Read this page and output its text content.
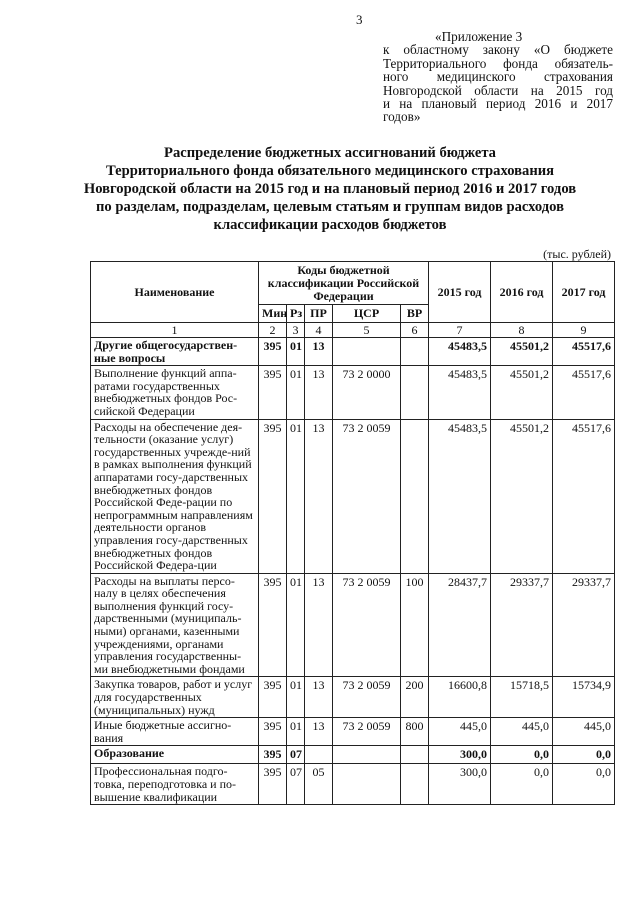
3
«Приложение 3
к областному закону «О бюджете
Территориального фонда обязатель-
ного медицинского страхования
Новгородской области на 2015 год
и на плановый период 2016 и 2017
годов»
Распределение бюджетных ассигнований бюджета
Территориального фонда обязательного медицинского страхования
Новгородской области на 2015 год и на плановый период 2016 и 2017 годов
по разделам, подразделам, целевым статьям и группам видов расходов
классификации расходов бюджетов
(тыс. рублей)
Наименование	Коды бюджетной классификации Российской Федерации					2015 год	2016 год	2017 год
	Мин	Рз	ПР	ЦСР	ВР			
1	2	3	4	5	6	7	8	9
Другие общегосударствен-ные вопросы	395	01	13			45483,5	45501,2	45517,6
Выполнение функций аппа-ратами государственных внебюджетных фондов Рос-сийской Федерации	395	01	13	73 2 0000		45483,5	45501,2	45517,6
Расходы на обеспечение дея-тельности (оказание услуг) государственных учрежде-ний в рамках выполнения функций аппаратами госу-дарственных внебюджетных фондов Российской Феде-рации по непрограммным направлениям деятельности органов управления госу-дарственных внебюджетных фондов Российской Федера-ции	395	01	13	73 2 0059		45483,5	45501,2	45517,6
Расходы на выплаты персо-налу в целях обеспечения выполнения функций госу-дарственными (муниципаль-ными) органами, казенными учреждениями, органами управления государственны-ми внебюджетными фондами	395	01	13	73 2 0059	100	28437,7	29337,7	29337,7
Закупка товаров, работ и услуг для государственных (муниципальных) нужд	395	01	13	73 2 0059	200	16600,8	15718,5	15734,9
Иные бюджетные ассигно-вания	395	01	13	73 2 0059	800	445,0	445,0	445,0
Образование	395	07				300,0	0,0	0,0
Профессиональная подго-товка, переподготовка и по-вышение квалификации	395	07	05			300,0	0,0	0,0
